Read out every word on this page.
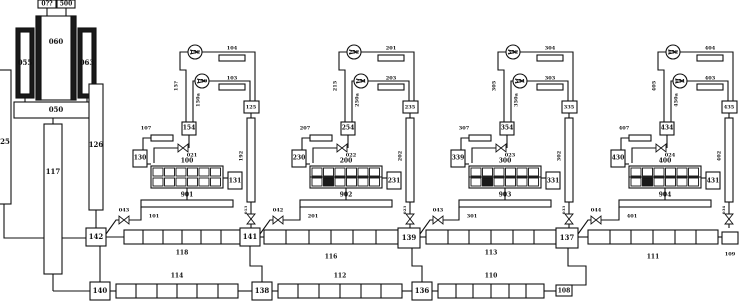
0?? 500
055
060
063
050
25
117
126
140
114
138
112
136
110
108
142
118
141
116
139
113
137
111	109
152
150
104
103
15?
150a
154
021
107
130	100
131
901
101
125
192
013
252
251
201
203
215
250a
254
022
207
230	200
231
902
201
235
202
023
352
351
304
303
305
350a
354
023
307
339	300
331
903
301
335
302
033
452
451
404
403
405
450a
434
024
407
430	400
431
904
401
435
402
034
043	042	043	044
